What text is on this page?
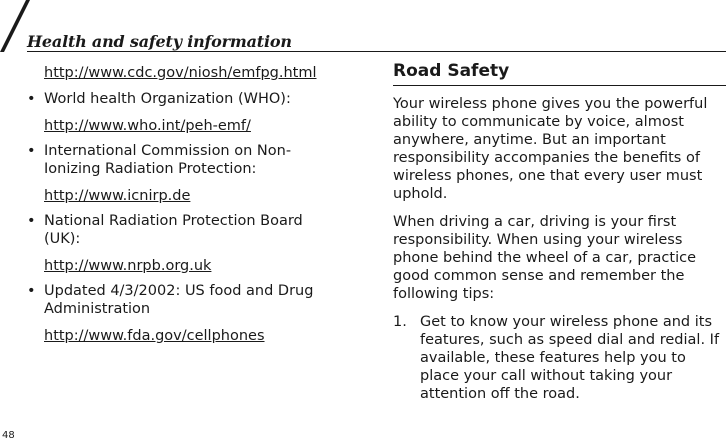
Health and safety information
http://www.cdc.gov/niosh/emfpg.html
• World health Organization (WHO):
http://www.who.int/peh-emf/
• International Commission on Non-Ionizing Radiation Protection:
http://www.icnirp.de
• National Radiation Protection Board (UK):
http://www.nrpb.org.uk
• Updated 4/3/2002: US food and Drug Administration
http://www.fda.gov/cellphones
Road Safety

Your wireless phone gives you the powerful ability to communicate by voice, almost anywhere, anytime. But an important responsibility accompanies the benefits of wireless phones, one that every user must uphold.

When driving a car, driving is your first responsibility. When using your wireless phone behind the wheel of a car, practice good common sense and remember the following tips:

1. Get to know your wireless phone and its features, such as speed dial and redial. If available, these features help you to place your call without taking your attention off the road.
48
